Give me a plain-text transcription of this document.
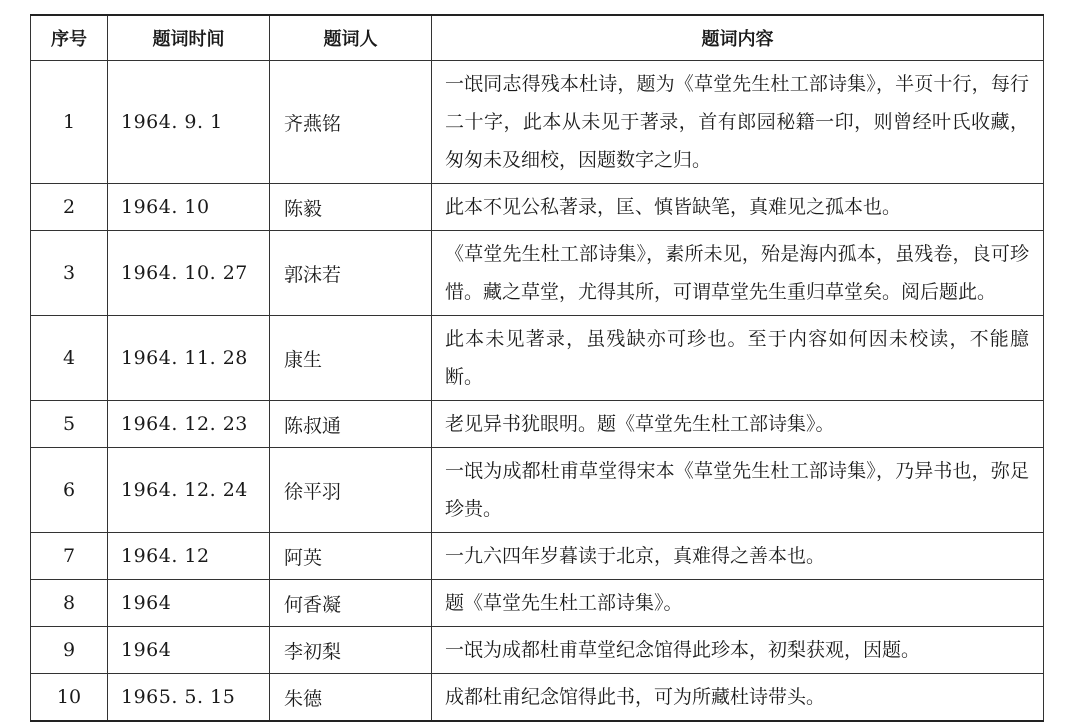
序号	题词时间	题词人	题词内容
1	1964. 9. 1	齐燕铭	一氓同志得残本杜诗，题为《草堂先生杜工部诗集》，半页十行，每行二十字，此本从未见于著录，首有郎园秘籍一印，则曾经叶氏收藏，匆匆未及细校，因题数字之归。
2	1964. 10	陈毅	此本不见公私著录，匡、慎皆缺笔，真难见之孤本也。
3	1964. 10. 27	郭沫若	《草堂先生杜工部诗集》，素所未见，殆是海内孤本，虽残卷，良可珍惜。藏之草堂，尤得其所，可谓草堂先生重归草堂矣。阅后题此。
4	1964. 11. 28	康生	此本未见著录，虽残缺亦可珍也。至于内容如何因未校读，不能臆断。
5	1964. 12. 23	陈叔通	老见异书犹眼明。题《草堂先生杜工部诗集》。
6	1964. 12. 24	徐平羽	一氓为成都杜甫草堂得宋本《草堂先生杜工部诗集》，乃异书也，弥足珍贵。
7	1964. 12	阿英	一九六四年岁暮读于北京，真难得之善本也。
8	1964	何香凝	题《草堂先生杜工部诗集》。
9	1964	李初梨	一氓为成都杜甫草堂纪念馆得此珍本，初梨获观，因题。
10	1965. 5. 15	朱德	成都杜甫纪念馆得此书，可为所藏杜诗带头。
